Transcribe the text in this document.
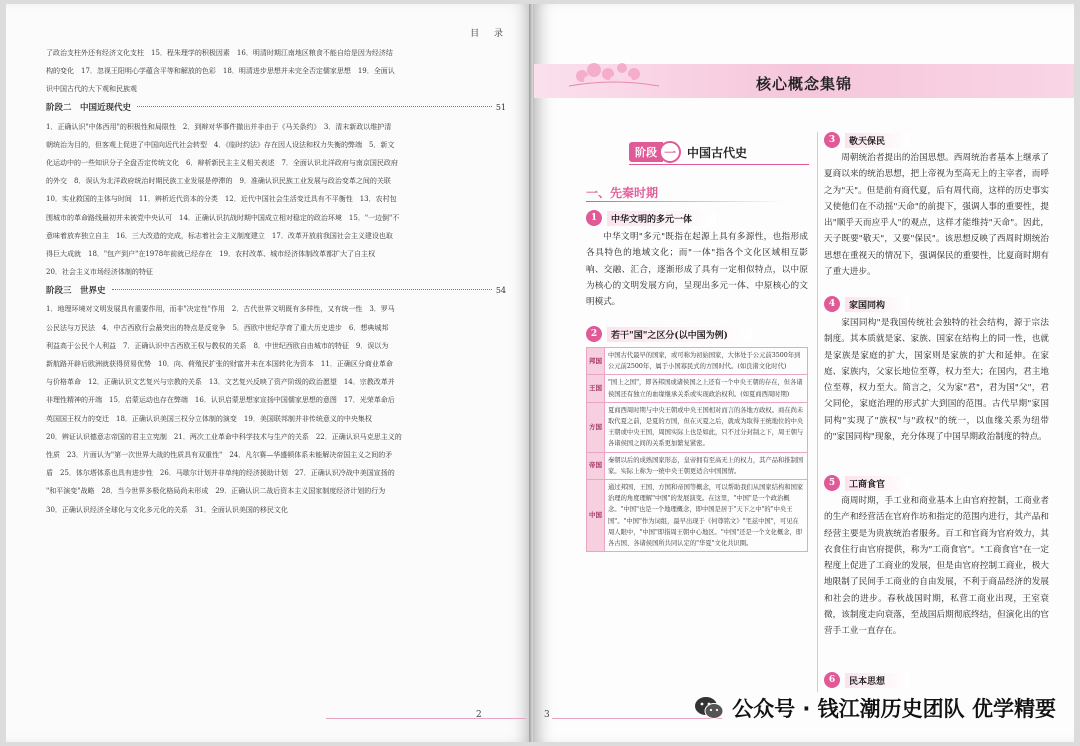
目 录
了政治支柱外还有经济文化支柱　15．程朱理学的积极因素　16．明清时期江南地区粮食不能自给是因为经济结
构的变化　17．忽视王阳明心学蕴含平等和解放的色彩　18．明清进步思想并未完全否定儒家思想　19．全面认
识中国古代的大下观和民族观
阶段二　中国近现代史	51
1．正确认识"中体西用"的积极性和局限性　2．到辩对华事件撤出并非由于《马关条约》　3．清末新政以维护清
朝统治为目的，但客观上促进了中国向近代社会转型　4．《临时约法》存在因人设法和权力失衡的弊端　5．新文
化运动中的一些知识分子全盘否定传统文化　6．辩析新民主主义相关表述　7．全面认识北洋政府与南京国民政府
的外交　8．误认为北洋政府统治时期民族工业发展是停滞的　9．准确认识民族工业发展与政治变革之间的关联
10．实业救国的主体与时间　11．辨析近代资本的分类　12．近代中国社会生活变迁具有不平衡性　13．农村包
围城市的革命路线最初并未被党中央认可　14．正确认识抗战时期中国成立相对稳定的政治环境　15．"一边倒"不
意味着放弃独立自主　16．三大改造的完成，标志着社会主义制度建立　17．改革开放前我国社会主义建设也取
得巨大成就　18．"包产到户"在1978年前就已经存在　19．农村改革、城市经济体制改革都扩大了自主权
20．社会主义市场经济体制的特征
阶段三　世界史	54
1．地理环境对文明发展具有重要作用，而非"决定性"作用　2．古代世界文明既有多样性，又有统一性　3．罗马
公民法与万民法　4．中古西欧行会最突出的特点是反竞争　5．西欧中世纪孕育了重大历史进步　6．想典城邦
利益高于公民个人利益　7．正确认识中古西欧王权与教权的关系　8．中世纪西欧自由城市的特征　9．误以为
新航路开辟后欧洲就获得贸易优势　10．向、荷殖民扩张的财富并未在本国转化为资本　11．正确区分商业革命
与价格革命　12．正确认识文艺复兴与宗教的关系　13．文艺复兴反映了资产阶级的政治愿望　14．宗教改革并
非理性精神的开端　15．启蒙运动也存在弊端　16．认识启蒙思想家宣扬中国儒家思想的意图　17．光荣革命后
英国国王权力的变迁　18．正确认识美国三权分立体制的演变　19．美国联邦制并非传统意义的中央集权
20．辨证认识德意志帝国的君主立宪制　21．两次工业革命中科学技术与生产的关系　22．正确认识马克思主义的
性质　23．片面认为"第一次世界大战的性质具有双重性"　24．凡尔赛—华盛顿体系未能解决帝国主义之间的矛
盾　25．体尔塔体系也具有进步性　26．马歇尔计划并非单纯的经济援助计划　27．正确认识冷战中美国宣扬的
"和平演变"战略　28．当今世界多极化格局尚未形成　29．正确认识二战后资本主义国家制度经济计划的行为
30．正确认识经济全球化与文化多元化的关系　31．全面认识美国的移民文化
2
核心概念集锦
阶段 一 中国古代史
一、先秦时期
1	中华文明的多元一体
中华文明"多元"既指在起源上具有多源性，也指形成各具特色的地域文化；而"一体"指各个文化区域相互影响、交融、汇合，逐渐形成了具有一定相似特点，以中原为核心的文明发展方向，呈现出多元一体、中原核心的文明模式。
2	若干"国"之区分(以中国为例)
邦国	中国古代最早的国家，或可称为初始国家，大体处于公元前3500年到公元前2500年，属于小国寡民式的方国时代。(如良渚文化时代)
王国	"国上之国"，即各邦国或诸侯国之上还有一个中央王朝的存在，但各诸侯国还有独立的血缘继承关系或实现政治权利。(如夏商西周时期)
方国	夏商西周时期与中央王朝或中央王国相对而言的各地方政权。商在尚未取代夏之前，是夏的方国，但在灭夏之后，就成为取得王统地位的中央王朝或中央王国，周国实际上也是如此，只不过分封制之下，周王朝与各诸侯国之间的关系更加繁复紧密。
帝国	秦朝以后的成熟国家形态，皇帝拥有至高无上的权力，其产品和推制国家。实际上称为一统中央王朝更适合中国国情。
中国	通过邦国、王国、方国和帝国等概念，可以帮助我们从国家结构和国家治理的角度理解"中国"的发展演变。在这里，"中国"是一个政治概念。"中国"也是一个地理概念，即中国是居于"天下之中"的"中央王国"。"中国"作为词组，最早出现于《何尊铭文》"宅兹中国"，可见在周人眼中，"中国"即指周王朝中心地区。"中国"还是一个文化概念，即各古国、各诸侯国所共同认定的"华夏"文化共识圈。
3	敬天保民
周朝统治者提出的治国思想。西周统治者基本上继承了夏商以来的统治思想，把上帝视为至高无上的主宰者，而呼之为"天"。但是前有商代夏，后有周代商，这样的历史事实又使他们在不动摇"天命"的前提下，强调人事的重要性，提出"顺乎天而应乎人"的观点，这样才能维持"天命"。因此，天子既要"敬天"，又要"保民"。该思想反映了西周时期统治思想在重视天的情况下，强调保民的重要性，比夏商时期有了重大进步。
4	家国同构
家国同构"是我国传统社会独特的社会结构，源于宗法制度。其本质就是家、家族、国家在结构上的同一性，也就是家族是家庭的扩大，国家则是家族的扩大和延伸。在家庭、家族内，父家长地位至尊，权力至大；在国内，君主地位至尊，权力至大。简言之，父为家"君"，君为国"父"，君父同伦，家庭治理的形式扩大到国的范围。古代早期"家国同构"实现了"族权"与"政权"的统一，以血缘关系为纽带的"家国同构"现象，充分体现了中国早期政治制度的特点。
5	工商食官
商周时期，手工业和商业基本上由官府控制，工商业者的生产和经营活在官府作坊和指定的范围内进行，其产品和经营主要是为贵族统治者服务。百工和官商为官府效力，其衣食住行由官府提供，称为"工商食官"。"工商食官"在一定程度上促进了工商业的发展，但是由官府控制工商业，极大地限制了民间手工商业的自由发展，不利于商品经济的发展和社会的进步。春秋战国时期，私营工商业出现，王室衰微，该制度走向衰落，至战国后期彻底终结，但演化出的官营手工业一直存在。
6	民本思想
3	公众号 · 钱江潮历史团队 优学精要
